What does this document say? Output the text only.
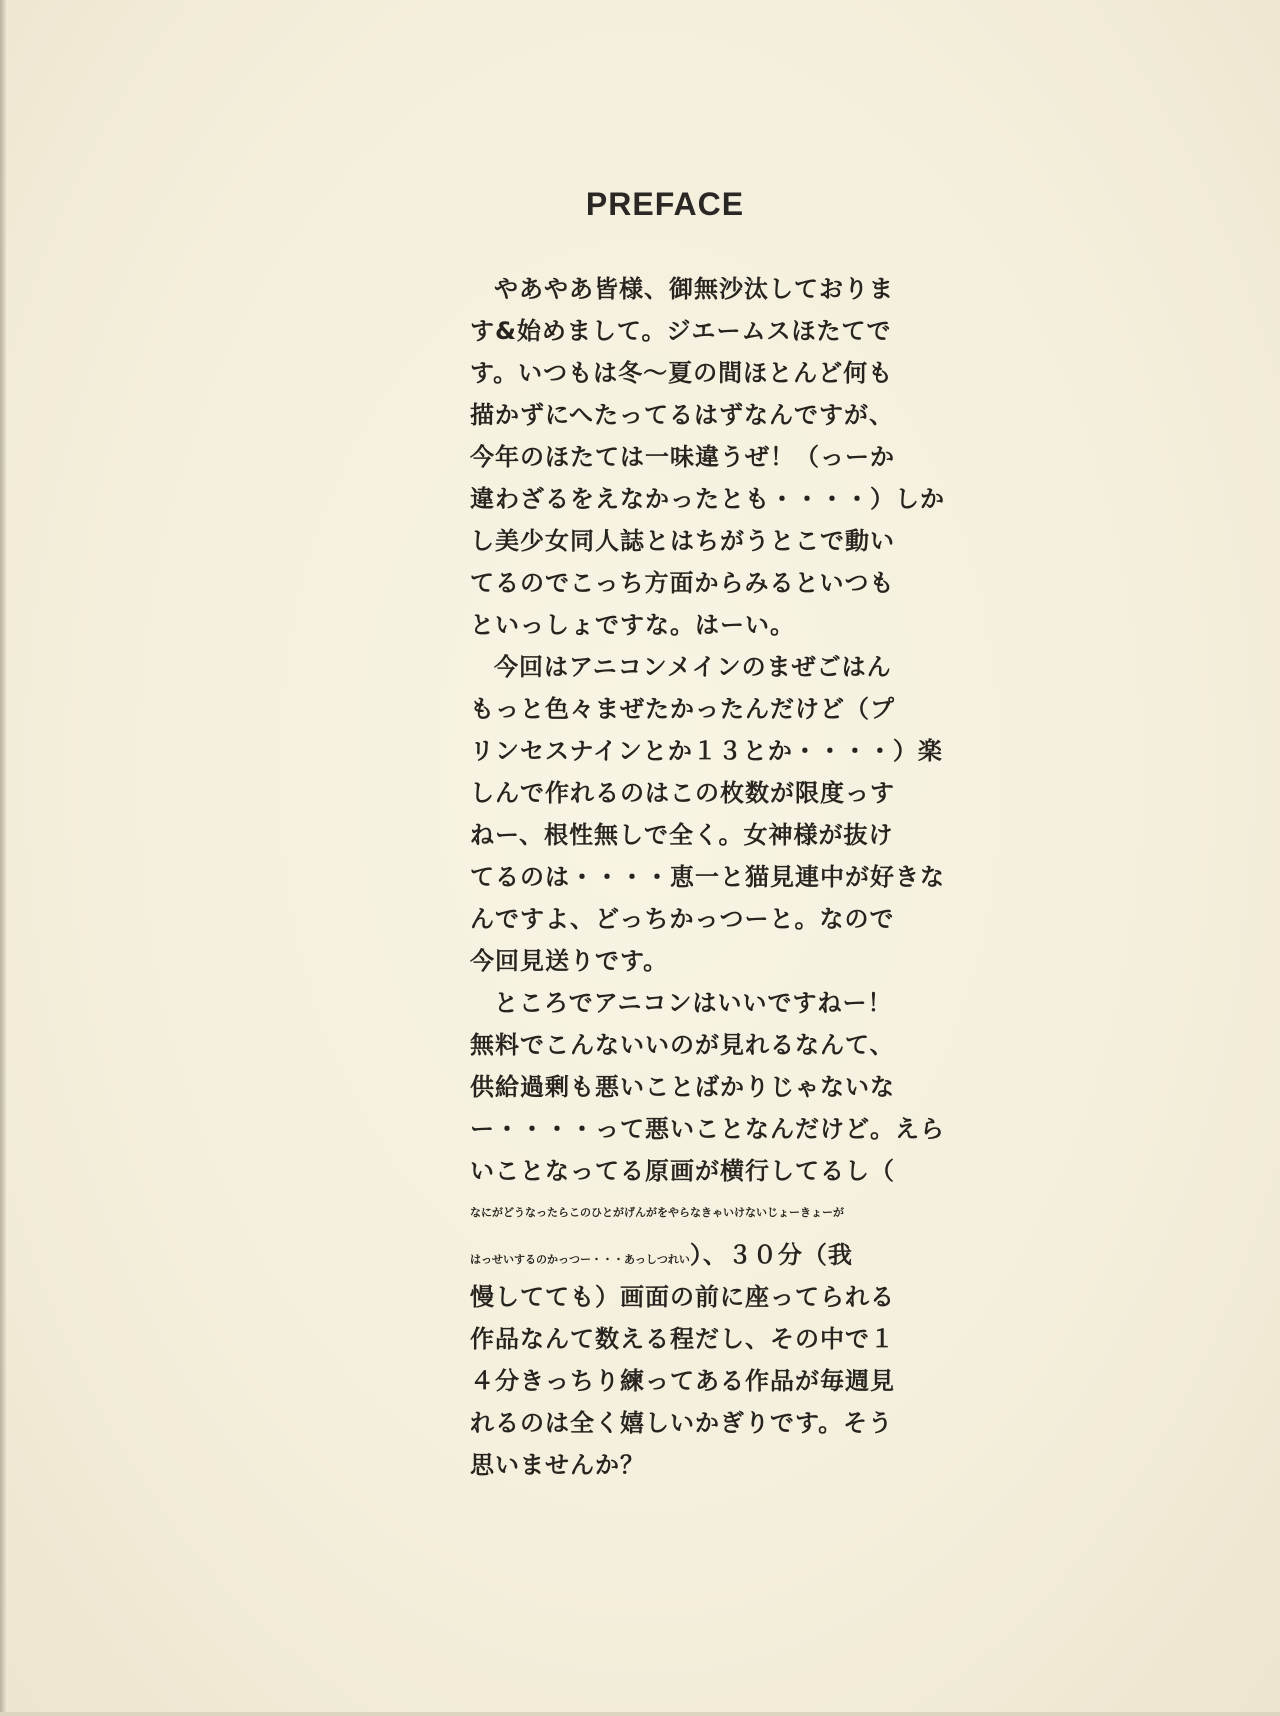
PREFACE
やあやあ皆様、御無沙汰しておりま
す&始めまして。ジエームスほたてで
す。いつもは冬〜夏の間ほとんど何も
描かずにへたってるはずなんですが、
今年のほたては一味違うぜ！（っーか
違わざるをえなかったとも・・・・）しか
し美少女同人誌とはちがうとこで動い
てるのでこっち方面からみるといつも
といっしょですな。はーい。
今回はアニコンメインのまぜごはん
もっと色々まぜたかったんだけど（プ
リンセスナインとか１３とか・・・・）楽
しんで作れるのはこの枚数が限度っす
ねー、根性無しで全く。女神様が抜け
てるのは・・・・恵一と猫見連中が好きな
んですよ、どっちかっつーと。なので
今回見送りです。
ところでアニコンはいいですねー！
無料でこんないいのが見れるなんて、
供給過剰も悪いことばかりじゃないな
ー・・・・って悪いことなんだけど。えら
いことなってる原画が横行してるし（
なにがどうなったらこのひとがげんがをやらなきゃいけないじょーきょーが
はっせいするのかっつー・・・あっしつれい）、３０分（我
慢してても）画面の前に座ってられる
作品なんて数える程だし、その中で１
４分きっちり練ってある作品が毎週見
れるのは全く嬉しいかぎりです。そう
思いませんか？
